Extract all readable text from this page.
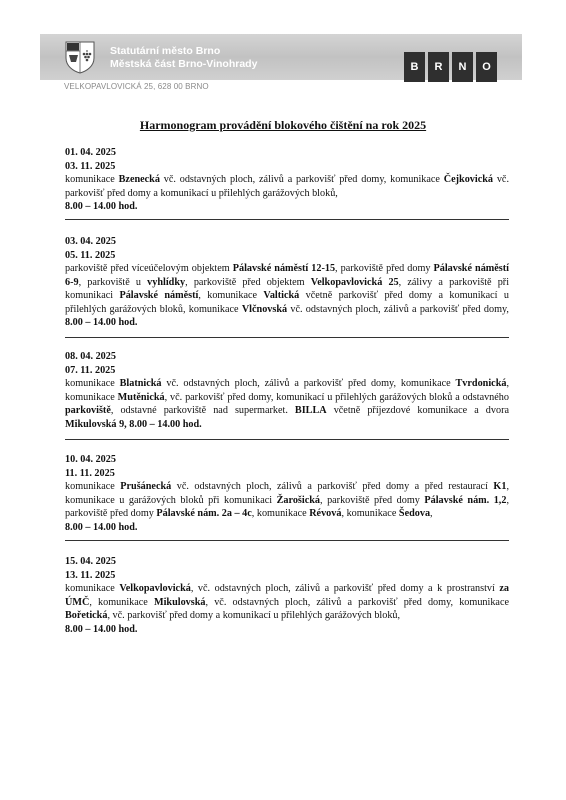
Statutární město Brno
Městská část Brno-Vinohrady	B	R	N	O
VELKOPAVLOVICKÁ 25, 628 00 BRNO
Harmonogram provádění blokového čištění na rok 2025
01. 04. 2025
03. 11. 2025
komunikace Bzenecká vč. odstavných ploch, zálivů a parkovišť před domy, komunikace Čejkovická vč. parkovišť před domy a komunikací u přilehlých garážových bloků,
8.00 – 14.00 hod.
03. 04. 2025
05. 11. 2025
parkoviště před víceúčelovým objektem Pálavské náměstí 12-15, parkoviště před domy Pálavské náměstí 6-9, parkoviště u vyhlídky, parkoviště před objektem Velkopavlovická 25, zálivy a parkoviště při komunikaci Pálavské náměstí, komunikace Valtická včetně parkovišť před domy a komunikací u přilehlých garážových bloků, komunikace Vlčnovská vč. odstavných ploch, zálivů a parkovišť před domy, 8.00 – 14.00 hod.
08. 04. 2025
07. 11. 2025
komunikace Blatnická vč. odstavných ploch, zálivů a parkovišť před domy, komunikace Tvrdonická, komunikace Mutěnická, vč. parkovišť před domy, komunikací u přilehlých garážových bloků a odstavného parkoviště, odstavné parkoviště nad supermarket. BILLA včetně příjezdové komunikace a dvora Mikulovská 9, 8.00 – 14.00 hod.
10. 04. 2025
11. 11. 2025
komunikace Prušánecká vč. odstavných ploch, zálivů a parkovišť před domy a před restaurací K1, komunikace u garážových bloků při komunikaci Žarošická, parkoviště před domy Pálavské nám. 1,2, parkoviště před domy Pálavské nám. 2a – 4c, komunikace Révová, komunikace Šedova,
8.00 – 14.00 hod.
15. 04. 2025
13. 11. 2025
komunikace Velkopavlovická, vč. odstavných ploch, zálivů a parkovišť před domy a k prostranství za ÚMČ, komunikace Mikulovská, vč. odstavných ploch, zálivů a parkovišť před domy, komunikace Bořetická, vč. parkovišť před domy a komunikací u přilehlých garážových bloků,
8.00 – 14.00 hod.
